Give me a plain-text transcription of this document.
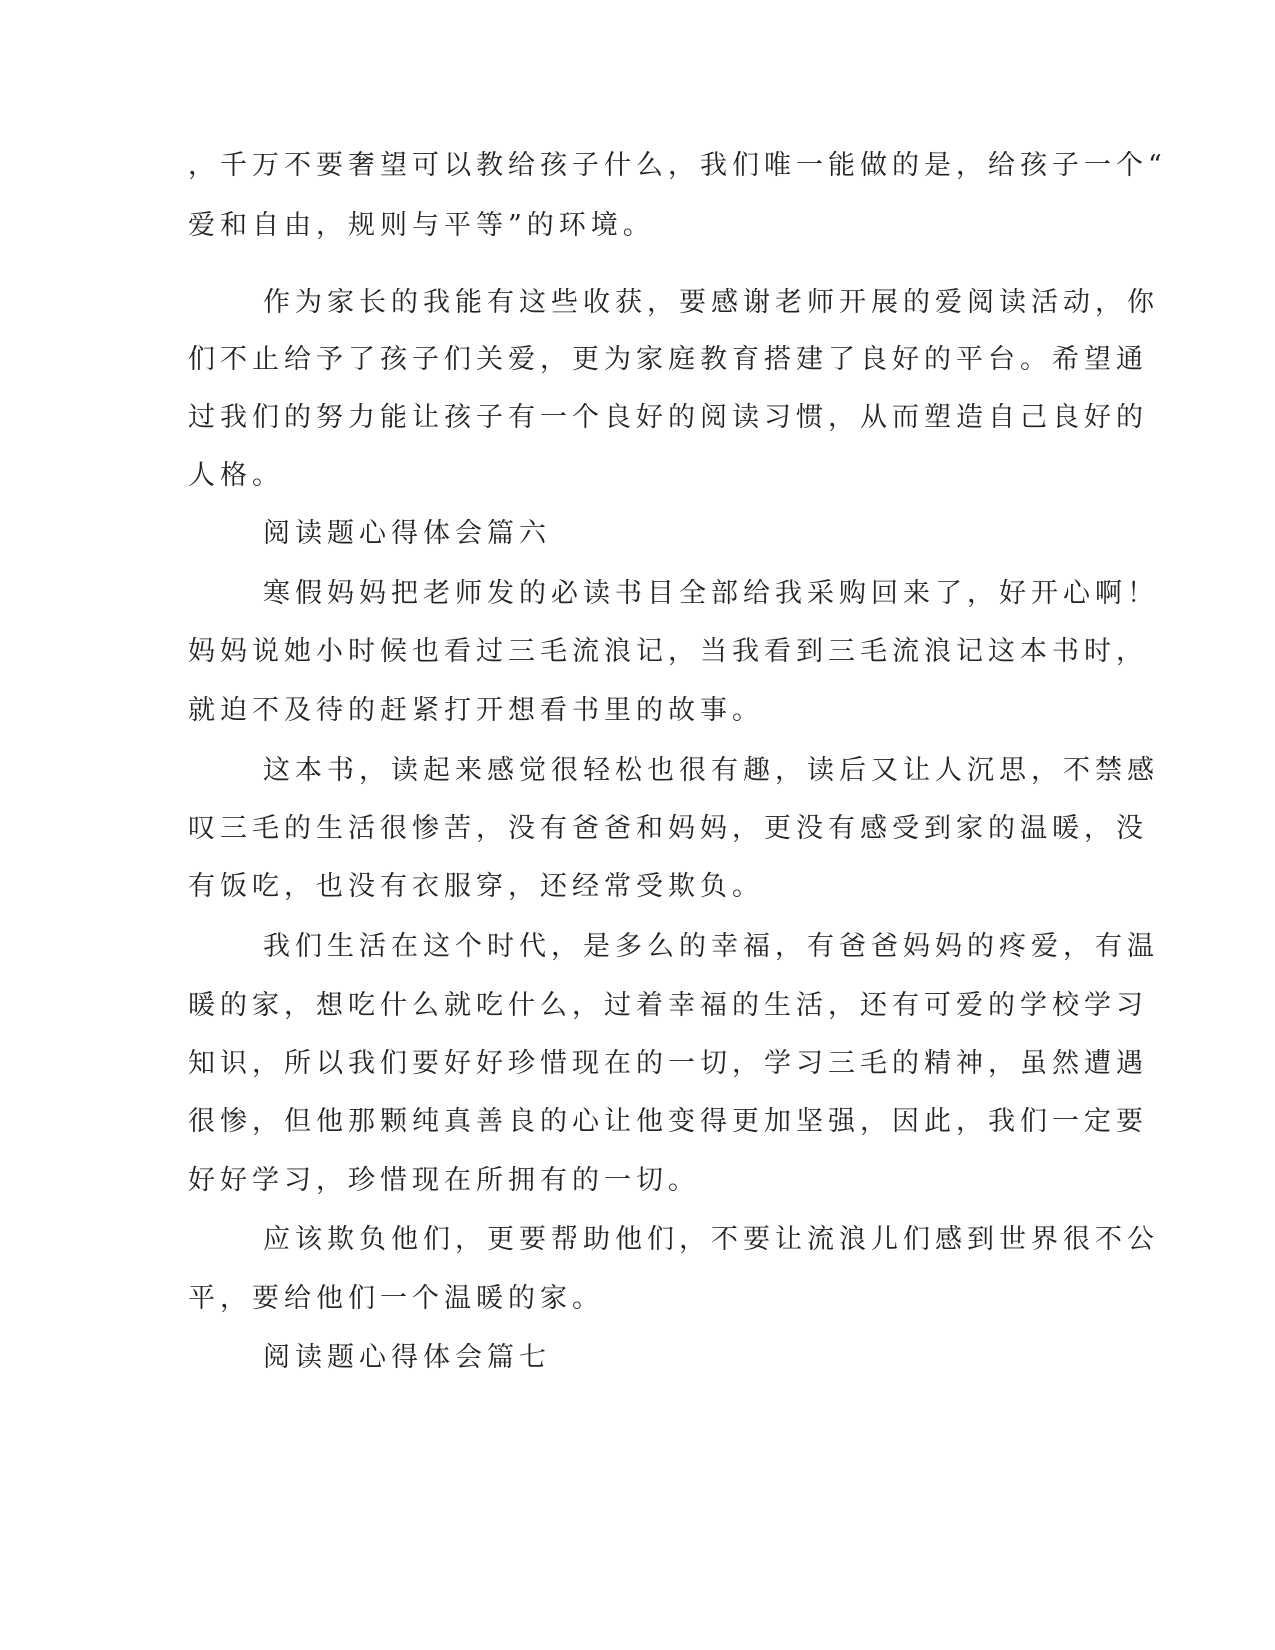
，千万不要奢望可以教给孩子什么，我们唯一能做的是，给孩子一个“

爱和自由，规则与平等”的环境。

作为家长的我能有这些收获，要感谢老师开展的爱阅读活动，你

们不止给予了孩子们关爱，更为家庭教育搭建了良好的平台。希望通

过我们的努力能让孩子有一个良好的阅读习惯，从而塑造自己良好的

人格。

阅读题心得体会篇六

寒假妈妈把老师发的必读书目全部给我采购回来了，好开心啊！

妈妈说她小时候也看过三毛流浪记，当我看到三毛流浪记这本书时，

就迫不及待的赶紧打开想看书里的故事。

这本书，读起来感觉很轻松也很有趣，读后又让人沉思，不禁感

叹三毛的生活很惨苦，没有爸爸和妈妈，更没有感受到家的温暖，没

有饭吃，也没有衣服穿，还经常受欺负。

我们生活在这个时代，是多么的幸福，有爸爸妈妈的疼爱，有温

暖的家，想吃什么就吃什么，过着幸福的生活，还有可爱的学校学习

知识，所以我们要好好珍惜现在的一切，学习三毛的精神，虽然遭遇

很惨，但他那颗纯真善良的心让他变得更加坚强，因此，我们一定要

好好学习，珍惜现在所拥有的一切。

应该欺负他们，更要帮助他们，不要让流浪儿们感到世界很不公

平，要给他们一个温暖的家。

阅读题心得体会篇七
